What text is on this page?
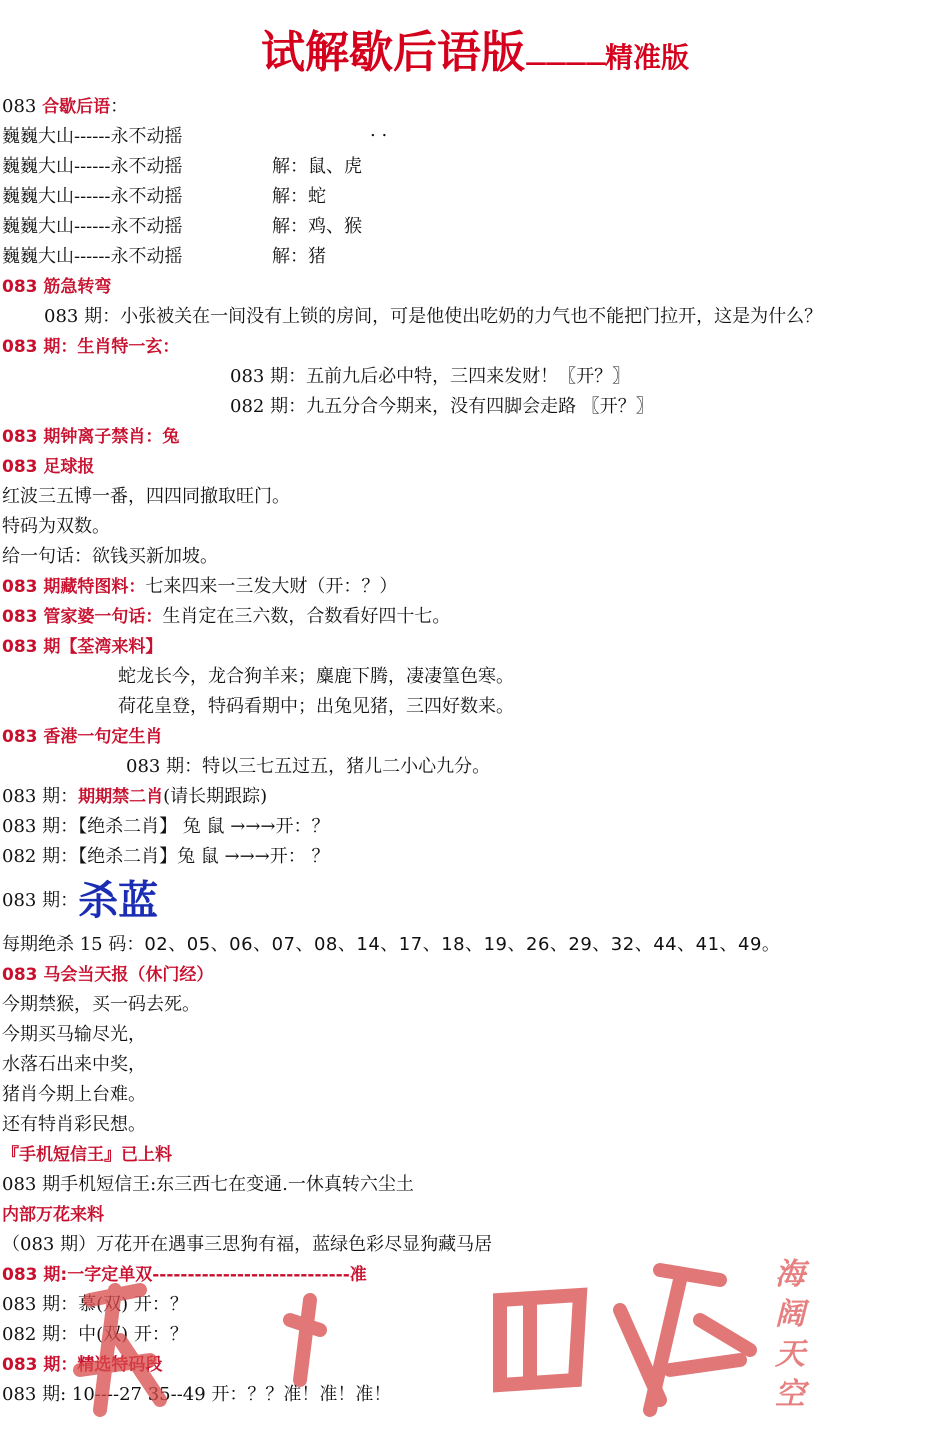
试解歇后语版————精准版
083 合歇后语：
巍巍大山------永不动摇	. .
巍巍大山------永不动摇	解：鼠、虎
巍巍大山------永不动摇	解：蛇
巍巍大山------永不动摇	解：鸡、猴
巍巍大山------永不动摇	解：猪
083 筋急转弯
083 期：小张被关在一间没有上锁的房间，可是他使出吃奶的力气也不能把门拉开，这是为什么？
083 期：生肖特一玄：
083 期：五前九后必中特，三四来发财！〖开？〗
082 期：九五分合今期来，没有四脚会走路 〖开？〗
083 期钟离子禁肖：兔
083 足球报
红波三五博一番，四四同撤取旺门。
特码为双数。
给一句话：欲钱买新加坡。
083 期藏特图料：七来四来一三发大财（开：？）
083 管家婆一句话：生肖定在三六数，合数看好四十七。
083 期【荃湾来料】
蛇龙长今，龙合狗羊来；麋鹿下腾，凄凄篁色寒。
荷花皇登，特码看期中；出兔见猪，三四好数来。
083 香港一句定生肖
083 期：特以三七五过五，猪儿二小心九分。
083 期：期期禁二肖(请长期跟踪)
083 期：【绝杀二肖】 兔 鼠 →→→开：？
082 期：【绝杀二肖】兔 鼠 →→→开： ？
083 期：杀蓝
每期绝杀 15 码：02、05、06、07、08、14、17、18、19、26、29、32、44、41、49。
083 马会当天报（休门经）
今期禁猴，买一码去死。
今期买马输尽光，
水落石出来中奖，
猪肖今期上台难。
还有特肖彩民想。
『手机短信王』已上料
083 期手机短信王:东三西七在变通.一休真转六尘土
内部万花来料
（083 期）万花开在遇事三思狗有福，蓝绿色彩尽显狗藏马居
083 期:一字定单双----------------------------准
083 期：慕(双) 开：？
082 期：中(双) 开：？
083 期：精选特码段
083 期: 10----27 35--49 开：？？准！准！准！
海
阔
天
空
